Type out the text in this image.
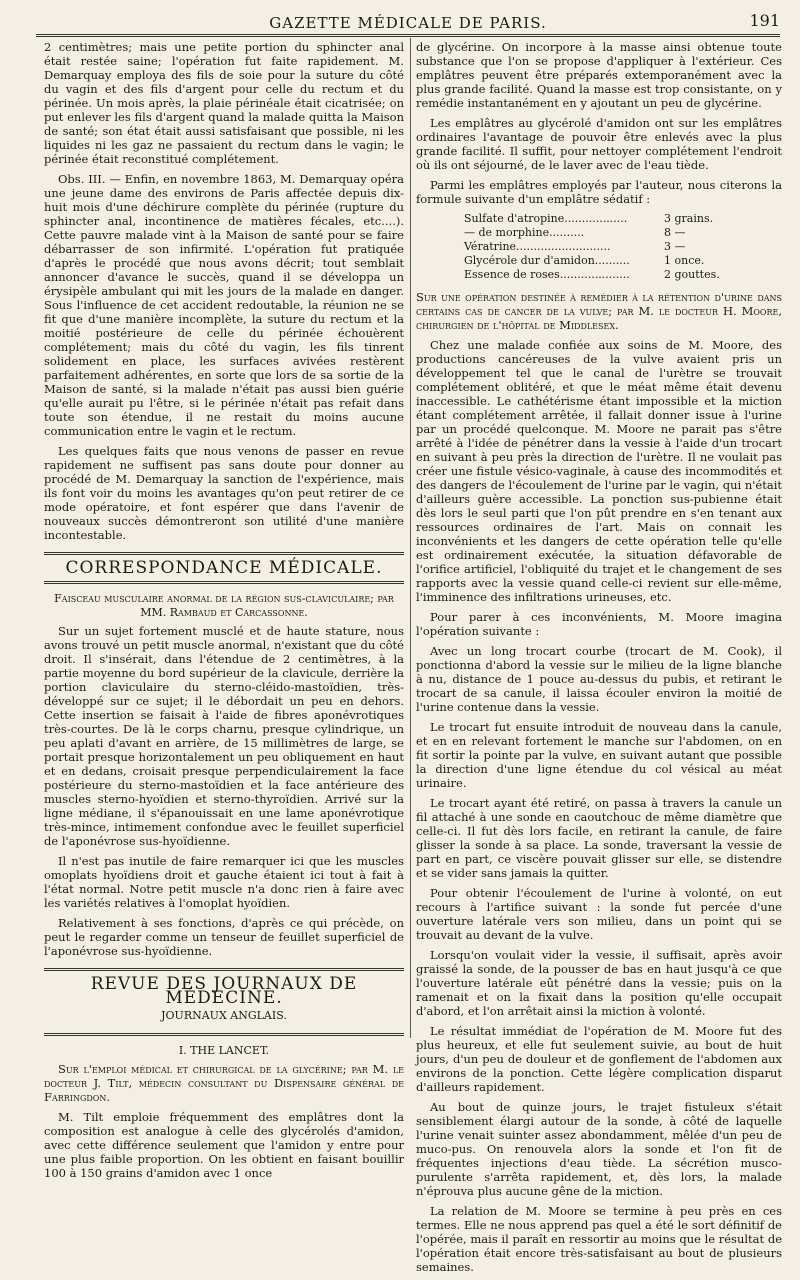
GAZETTE MÉDICALE DE PARIS.	191

2 centimètres; mais une petite portion du sphincter anal était restée saine; l'opération fut faite rapidement. M. Demarquay employa des fils de soie pour la suture du côté du vagin et des fils d'argent pour celle du rectum et du périnée. Un mois après, la plaie périnéale était cicatrisée; on put enlever les fils d'argent quand la malade quitta la Maison de santé; son état était aussi satisfaisant que possible, ni les liquides ni les gaz ne passaient du rectum dans le vagin; le périnée était reconstitué complétement.

Obs. III. — Enfin, en novembre 1863, M. Demarquay opéra une jeune dame des environs de Paris affectée depuis dix-huit mois d'une déchirure complète du périnée (rupture du sphincter anal, incontinence de matières fécales, etc....). Cette pauvre malade vint à la Maison de santé pour se faire débarrasser de son infirmité. L'opération fut pratiquée d'après le procédé que nous avons décrit; tout semblait annoncer d'avance le succès, quand il se développa un érysipèle ambulant qui mit les jours de la malade en danger. Sous l'influence de cet accident redoutable, la réunion ne se fit que d'une manière incomplète, la suture du rectum et la moitié postérieure de celle du périnée échouèrent complétement; mais du côté du vagin, les fils tinrent solidement en place, les surfaces avivées restèrent parfaitement adhérentes, en sorte que lors de sa sortie de la Maison de santé, si la malade n'était pas aussi bien guérie qu'elle aurait pu l'être, si le périnée n'était pas refait dans toute son étendue, il ne restait du moins aucune communication entre le vagin et le rectum.

Les quelques faits que nous venons de passer en revue rapidement ne suffisent pas sans doute pour donner au procédé de M. Demarquay la sanction de l'expérience, mais ils font voir du moins les avantages qu'on peut retirer de ce mode opératoire, et font espérer que dans l'avenir de nouveaux succès démontreront son utilité d'une manière incontestable.

CORRESPONDANCE MÉDICALE.
Faisceau musculaire anormal de la région sus-claviculaire; par MM. Rambaud et Carcassonne.

Sur un sujet fortement musclé et de haute stature, nous avons trouvé un petit muscle anormal, n'existant que du côté droit. Il s'insérait, dans l'étendue de 2 centimètres, à la partie moyenne du bord supérieur de la clavicule, derrière la portion claviculaire du sterno-cléido-mastoïdien, très-développé sur ce sujet; il le débordait un peu en dehors. Cette insertion se faisait à l'aide de fibres aponévrotiques très-courtes. De là le corps charnu, presque cylindrique, un peu aplati d'avant en arrière, de 15 millimètres de large, se portait presque horizontalement un peu obliquement en haut et en dedans, croisait presque perpendiculairement la face postérieure du sterno-mastoïdien et la face antérieure des muscles sterno-hyoïdien et sterno-thyroïdien. Arrivé sur la ligne médiane, il s'épanouissait en une lame aponévrotique très-mince, intimement confondue avec le feuillet superficiel de l'aponévrose sus-hyoïdienne.

Il n'est pas inutile de faire remarquer ici que les muscles omoplats hyoïdiens droit et gauche étaient ici tout à fait à l'état normal. Notre petit muscle n'a donc rien à faire avec les variétés relatives à l'omoplat hyoïdien.

Relativement à ses fonctions, d'après ce qui précède, on peut le regarder comme un tenseur de feuillet superficiel de l'aponévrose sus-hyoïdienne.

REVUE DES JOURNAUX DE MÉDECINE.
JOURNAUX ANGLAIS.
I. THE LANCET.

Sur l'emploi médical et chirurgical de la glycérine; par M. le docteur J. Tilt, médecin consultant du Dispensaire général de Farringdon.

M. Tilt emploie fréquemment des emplâtres dont la composition est analogue à celle des glycérolés d'amidon, avec cette différence seulement que l'amidon y entre pour une plus faible proportion. On les obtient en faisant bouillir 100 à 150 grains d'amidon avec 1 once

de glycérine. On incorpore à la masse ainsi obtenue toute substance que l'on se propose d'appliquer à l'extérieur. Ces emplâtres peuvent être préparés extemporanément avec la plus grande facilité. Quand la masse est trop consistante, on y remédie instantanément en y ajoutant un peu de glycérine.

Les emplâtres au glycérolé d'amidon ont sur les emplâtres ordinaires l'avantage de pouvoir être enlevés avec la plus grande facilité. Il suffit, pour nettoyer complétement l'endroit où ils ont séjourné, de le laver avec de l'eau tiède.

Parmi les emplâtres employés par l'auteur, nous citerons la formule suivante d'un emplâtre sédatif :

Sulfate d'atropine..................	3 grains.
— de morphine..........	8 —
Vératrine...........................	3 —
Glycérole dur d'amidon..........	1 once.
Essence de roses....................	2 gouttes.

Sur une opération destinée à remédier à la rétention d'urine dans certains cas de cancer de la vulve; par M. le docteur H. Moore, chirurgien de l'hôpital de Middlesex.

Chez une malade confiée aux soins de M. Moore, des productions cancéreuses de la vulve avaient pris un développement tel que le canal de l'urètre se trouvait complétement oblitéré, et que le méat même était devenu inaccessible. Le cathétérisme étant impossible et la miction étant complétement arrêtée, il fallait donner issue à l'urine par un procédé quelconque. M. Moore ne parait pas s'être arrêté à l'idée de pénétrer dans la vessie à l'aide d'un trocart en suivant à peu près la direction de l'urètre. Il ne voulait pas créer une fistule vésico-vaginale, à cause des incommodités et des dangers de l'écoulement de l'urine par le vagin, qui n'était d'ailleurs guère accessible. La ponction sus-pubienne était dès lors le seul parti que l'on pût prendre en s'en tenant aux ressources ordinaires de l'art. Mais on connait les inconvénients et les dangers de cette opération telle qu'elle est ordinairement exécutée, la situation défavorable de l'orifice artificiel, l'obliquité du trajet et le changement de ses rapports avec la vessie quand celle-ci revient sur elle-même, l'imminence des infiltrations urineuses, etc.

Pour parer à ces inconvénients, M. Moore imagina l'opération suivante :

Avec un long trocart courbe (trocart de M. Cook), il ponctionna d'abord la vessie sur le milieu de la ligne blanche à nu, distance de 1 pouce au-dessus du pubis, et retirant le trocart de sa canule, il laissa écouler environ la moitié de l'urine contenue dans la vessie.

Le trocart fut ensuite introduit de nouveau dans la canule, et en en relevant fortement le manche sur l'abdomen, on en fit sortir la pointe par la vulve, en suivant autant que possible la direction d'une ligne étendue du col vésical au méat urinaire.

Le trocart ayant été retiré, on passa à travers la canule un fil attaché à une sonde en caoutchouc de même diamètre que celle-ci. Il fut dès lors facile, en retirant la canule, de faire glisser la sonde à sa place. La sonde, traversant la vessie de part en part, ce viscère pouvait glisser sur elle, se distendre et se vider sans jamais la quitter.

Pour obtenir l'écoulement de l'urine à volonté, on eut recours à l'artifice suivant : la sonde fut percée d'une ouverture latérale vers son milieu, dans un point qui se trouvait au devant de la vulve.

Lorsqu'on voulait vider la vessie, il suffisait, après avoir graissé la sonde, de la pousser de bas en haut jusqu'à ce que l'ouverture latérale eût pénétré dans la vessie; puis on la ramenait et on la fixait dans la position qu'elle occupait d'abord, et l'on arrêtait ainsi la miction à volonté.

Le résultat immédiat de l'opération de M. Moore fut des plus heureux, et elle fut seulement suivie, au bout de huit jours, d'un peu de douleur et de gonflement de l'abdomen aux environs de la ponction. Cette légère complication disparut d'ailleurs rapidement.

Au bout de quinze jours, le trajet fistuleux s'était sensiblement élargi autour de la sonde, à côté de laquelle l'urine venait suinter assez abondamment, mêlée d'un peu de muco-pus. On renouvela alors la sonde et l'on fit de fréquentes injections d'eau tiède. La sécrétion musco-purulente s'arrêta rapidement, et, dès lors, la malade n'éprouva plus aucune gêne de la miction.

La relation de M. Moore se termine à peu près en ces termes. Elle ne nous apprend pas quel a été le sort définitif de l'opérée, mais il paraît en ressortir au moins que le résultat de l'opération était encore très-satisfaisant au bout de plusieurs semaines.
